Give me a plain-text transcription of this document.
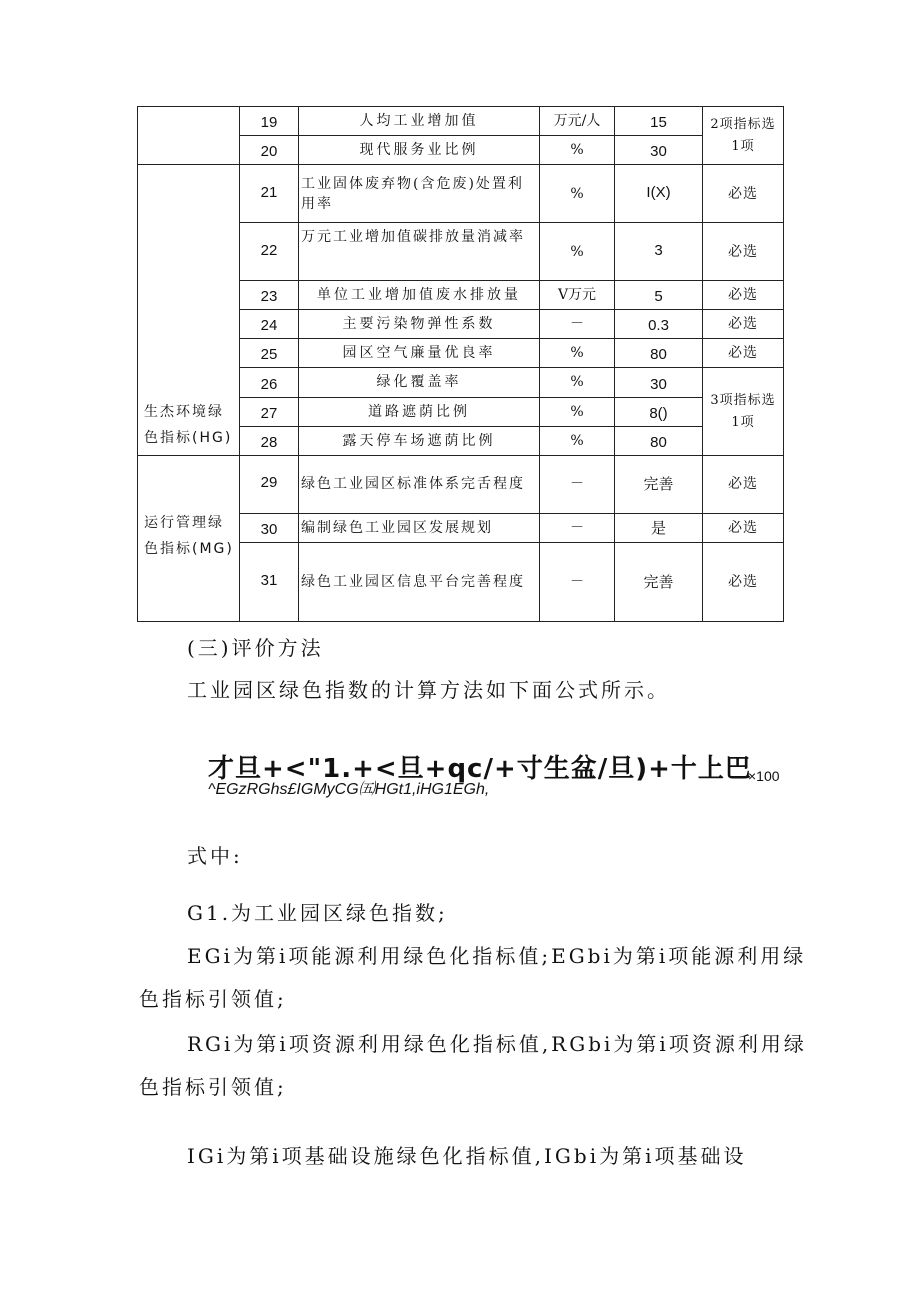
	19	人均工业增加值	万元/人	15	2项指标选1项
	20	现代服务业比例	%	30	
生杰环境绿色指标(HG)	21	工业固体废弃物(含危废)处置利用率	%	I(X)	必选
	22	万元工业增加值碳排放量消减率	%	3	必选
	23	单位工业增加值废水排放量	V万元	5	必选
	24	主要污染物弹性系数	－	0.3	必选
	25	园区空气廉量优良率	%	80	必选
	26	绿化覆盖率	%	30	3项指标选1项
	27	道路遮荫比例	%	8()	
	28	露天停车场遮荫比例	%	80	
运行管理绿色指标(MG)	29	绿色工业园区标准体系完舌程度	－	完善	必选
	30	编制绿色工业园区发展规划	－	是	必选
	31	绿色工业园区信息平台完善程度	－	完善	必选
(三)评价方法
工业园区绿色指数的计算方法如下面公式所示。
才旦+<"1.+<旦+qc/+寸生盆/旦)+十上巴
^EGzRGhs£IGMyCG㈤HGt1,iHG1EGh,
×100
式中:
G1.为工业园区绿色指数;
EGi为第i项能源利用绿色化指标值;EGbi为第i项能源利用绿
色指标引领值;
RGi为第i项资源利用绿色化指标值,RGbi为第i项资源利用绿
色指标引领值;
IGi为第i项基础设施绿色化指标值,IGbi为第i项基础设
